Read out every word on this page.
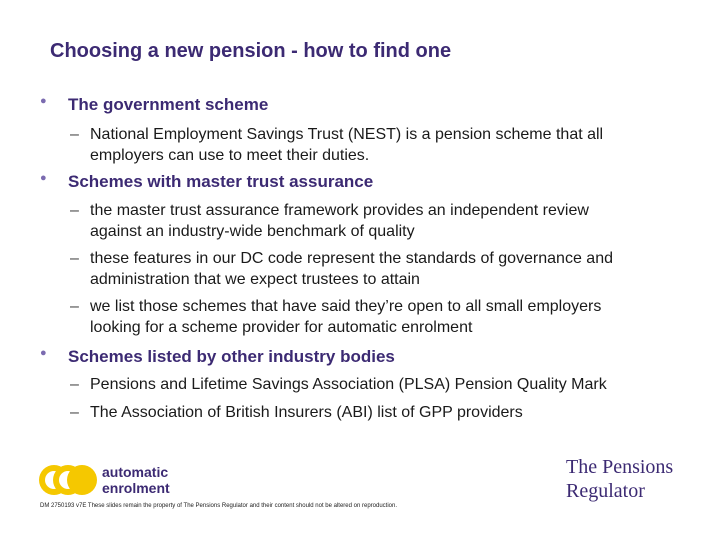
Choosing a new pension - how to find one
● The government scheme
– National Employment Savings Trust (NEST) is a pension scheme that all
employers can use to meet their duties.
● Schemes with master trust assurance
– the master trust assurance framework provides an independent review
against an industry-wide benchmark of quality
– these features in our DC code represent the standards of governance and
administration that we expect trustees to attain
– we list those schemes that have said they’re open to all small employers
looking for a scheme provider for automatic enrolment
● Schemes listed by other industry bodies
– Pensions and Lifetime Savings Association (PLSA) Pension Quality Mark
– The Association of British Insurers (ABI) list of GPP providers
automatic
enrolment
The Pensions
Regulator
DM 2750193 v7E These slides remain the property of The Pensions Regulator and their content should not be altered on reproduction.
